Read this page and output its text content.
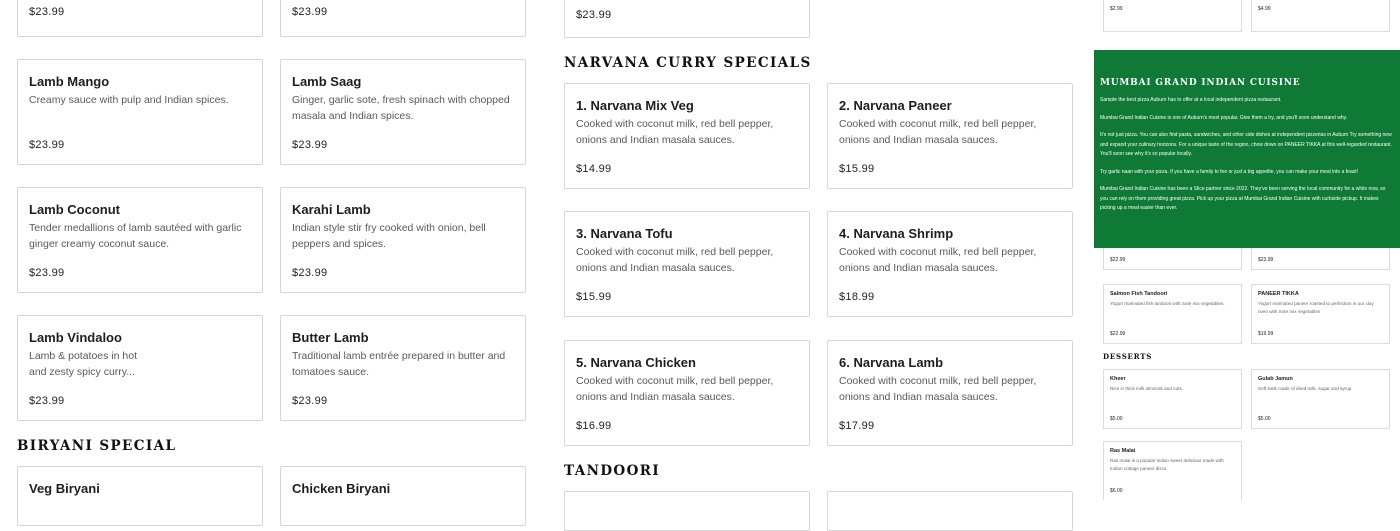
$23.99	$23.99	$23.99
Lamb Mango
Creamy sauce with pulp and Indian spices.
$23.99
Lamb Saag
Ginger, garlic sote, fresh spinach with chopped masala and Indian spices.
$23.99
Lamb Coconut
Tender medallions of lamb sautéed with garlic ginger creamy coconut sauce.
$23.99
Karahi Lamb
Indian style stir fry cooked with onion, bell peppers and spices.
$23.99
Lamb Vindaloo
Lamb & potatoes in hot and zesty spicy curry...
$23.99
Butter Lamb
Traditional lamb entrée prepared in butter and tomatoes sauce.
$23.99
BIRYANI SPECIAL
Veg Biryani	Chicken Biryani
NARVANA CURRY SPECIALS
1. Narvana Mix Veg
Cooked with coconut milk, red bell pepper, onions and Indian masala sauces.
$14.99
2. Narvana Paneer
Cooked with coconut milk, red bell pepper, onions and Indian masala sauces.
$15.99
3. Narvana Tofu
Cooked with coconut milk, red bell pepper, onions and Indian masala sauces.
$15.99
4. Narvana Shrimp
Cooked with coconut milk, red bell pepper, onions and Indian masala sauces.
$18.99
5. Narvana Chicken
Cooked with coconut milk, red bell pepper, onions and Indian masala sauces.
$16.99
6. Narvana Lamb
Cooked with coconut milk, red bell pepper, onions and Indian masala sauces.
$17.99
TANDOORI
$2.99	$4.99
$22.99	$23.99
MUMBAI GRAND INDIAN CUISINE
Sample the best pizza Auburn has to offer at a local independent pizza restaurant.
Mumbai Grand Indian Cuisine is one of Auburn's most popular. Give them a try, and you'll soon understand why.
It's not just pizza. You can also find pasta, sandwiches, and other side dishes at independent pizzerias in Auburn Try something new and expand your culinary horizons. For a unique taste of the region, chow down on PANEER TIKKA at this well-regarded restaurant. You'll soon see why it's so popular locally.
Try garlic naan with your pizza. If you have a family to fee or just a big appetite, you can make your meal into a feast!
Mumbai Grand Indian Cuisine has been a Slice partner since 2022. They've been serving the local community for a while now, so you can rely on them providing great pizza. Pick up your pizza at Mumbai Grand Indian Cuisine with curbside pickup. It makes picking up a meal easier than ever.
Salmon Fish Tandoori
Yogurt marinated fish tandoori with Sote mix vegetables.
$22.99
PANEER TIKKA
Yogurt marinated paneer roasted to perfection in our clay oven with Sote mix vegetables
$19.99
DESSERTS
Kheer
Rice in thick milk almonds and nuts.
$5.00
Gulab Jamun
Soft balls made of dried milk, sugar and syrup.
$5.00
Ras Malai
Ras malai is a popular indian sweet delicious made with Indian cottage paneer discs.
$6.00
